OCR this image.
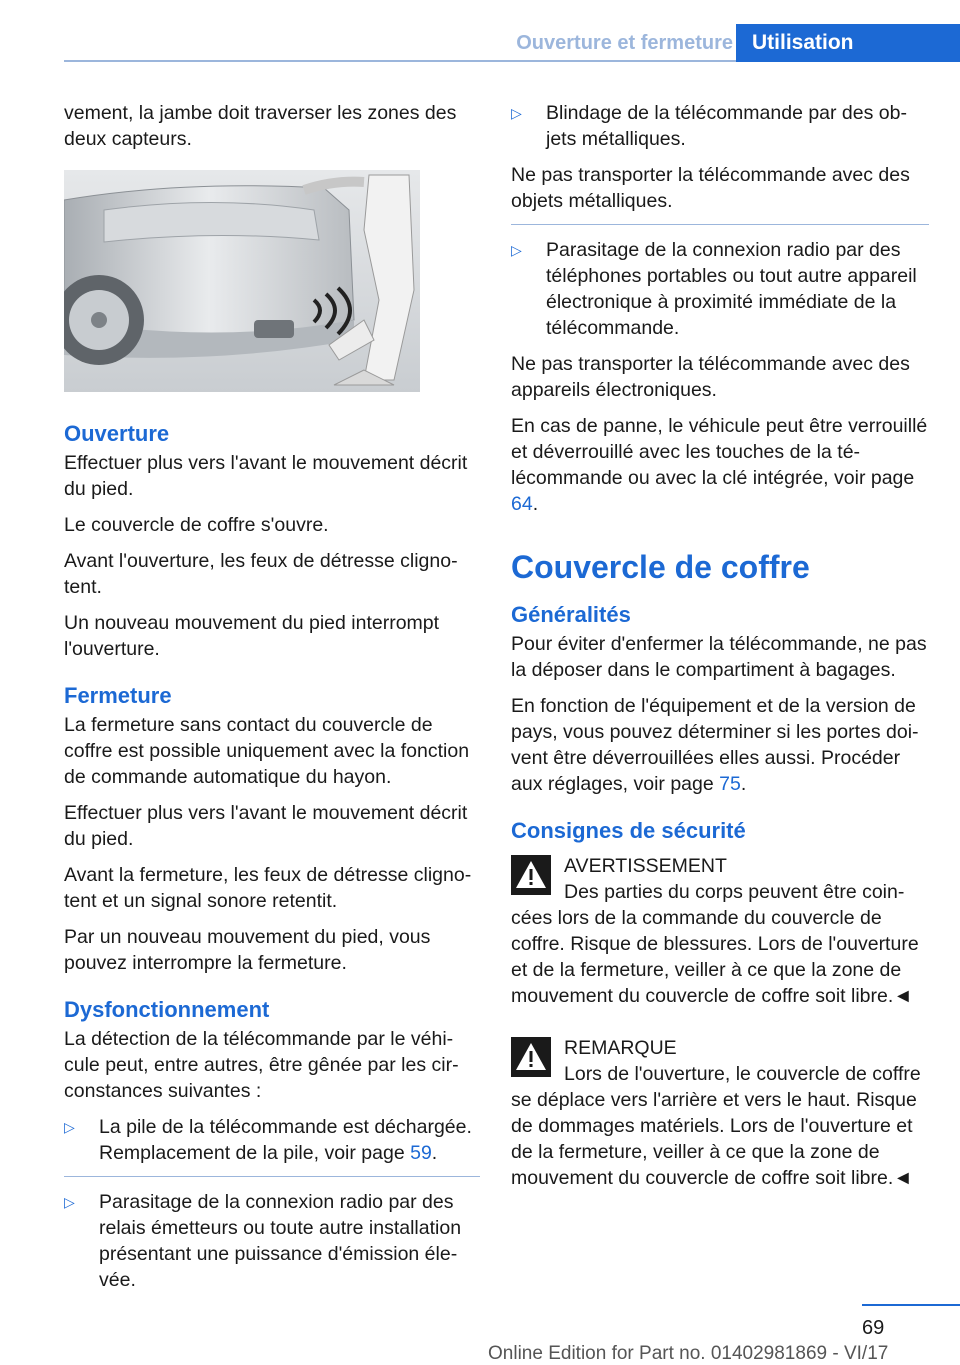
Ouverture et fermeture Utilisation

vement, la jambe doit traverser les zones des deux capteurs.

Ouverture

Effectuer plus vers l'avant le mouvement décrit du pied.

Le couvercle de coffre s'ouvre.

Avant l'ouverture, les feux de détresse clignotent.

Un nouveau mouvement du pied interrompt l'ouverture.

Fermeture

La fermeture sans contact du couvercle de coffre est possible uniquement avec la fonction de commande automatique du hayon.

Effectuer plus vers l'avant le mouvement décrit du pied.

Avant la fermeture, les feux de détresse clignotent et un signal sonore retentit.

Par un nouveau mouvement du pied, vous pouvez interrompre la fermeture.

Dysfonctionnement

La détection de la télécommande par le véhicule peut, entre autres, être gênée par les circonstances suivantes :

▷	La pile de la télécommande est déchargée. Remplacement de la pile, voir page 59.
▷	Parasitage de la connexion radio par des relais émetteurs ou toute autre installation présentant une puissance d'émission élevée.
▷	Blindage de la télécommande par des objets métalliques.

Ne pas transporter la télécommande avec des objets métalliques.

▷	Parasitage de la connexion radio par des téléphones portables ou tout autre appareil électronique à proximité immédiate de la télécommande.

Ne pas transporter la télécommande avec des appareils électroniques.

En cas de panne, le véhicule peut être verrouillé et déverrouillé avec les touches de la télécommande ou avec la clé intégrée, voir page 64.

Couvercle de coffre
Généralités

Pour éviter d'enfermer la télécommande, ne pas la déposer dans le compartiment à bagages.

En fonction de l'équipement et de la version de pays, vous pouvez déterminer si les portes doivent être déverrouillées elles aussi. Procéder aux réglages, voir page 75.

Consignes de sécurité
AVERTISSEMENT

Des parties du corps peuvent être coincées lors de la commande du couvercle de coffre. Risque de blessures. Lors de l'ouverture et de la fermeture, veiller à ce que la zone de mouvement du couvercle de coffre soit libre.◄

REMARQUE

Lors de l'ouverture, le couvercle de coffre se déplace vers l'arrière et vers le haut. Risque de dommages matériels. Lors de l'ouverture et de la fermeture, veiller à ce que la zone de mouvement du couvercle de coffre soit libre.◄

69
Online Edition for Part no. 01402981869 - VI/17
